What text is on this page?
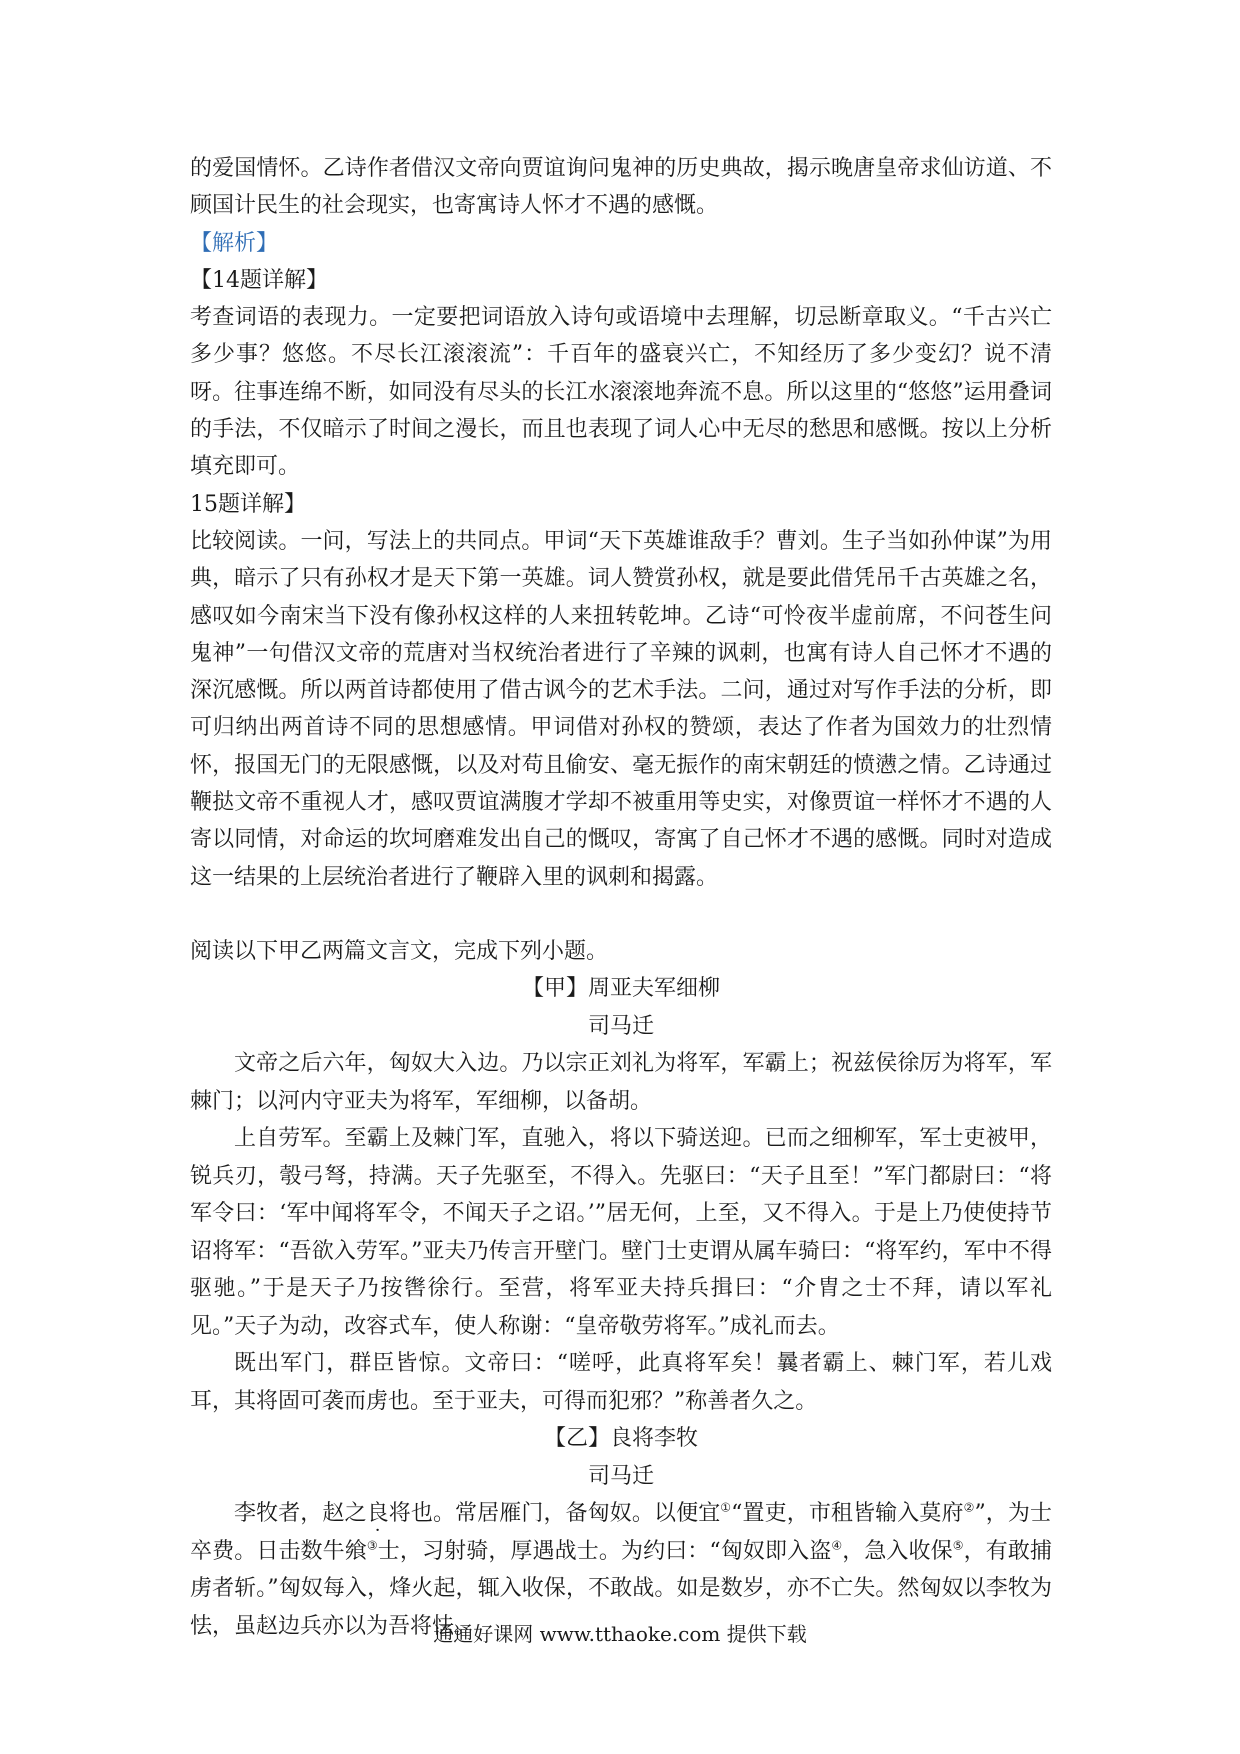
的爱国情怀。乙诗作者借汉文帝向贾谊询问鬼神的历史典故，揭示晚唐皇帝求仙访道、不顾国计民生的社会现实，也寄寓诗人怀才不遇的感慨。

【解析】

【14题详解】

考查词语的表现力。一定要把词语放入诗句或语境中去理解，切忌断章取义。“千古兴亡多少事？悠悠。不尽长江滚滚流”：千百年的盛衰兴亡，不知经历了多少变幻？说不清呀。往事连绵不断，如同没有尽头的长江水滚滚地奔流不息。所以这里的“悠悠”运用叠词的手法，不仅暗示了时间之漫长，而且也表现了词人心中无尽的愁思和感慨。按以上分析填充即可。

15题详解】

比较阅读。一问，写法上的共同点。甲词“天下英雄谁敌手？曹刘。生子当如孙仲谋”为用典，暗示了只有孙权才是天下第一英雄。词人赞赏孙权，就是要此借凭吊千古英雄之名，感叹如今南宋当下没有像孙权这样的人来扭转乾坤。乙诗“可怜夜半虚前席，不问苍生问鬼神”一句借汉文帝的荒唐对当权统治者进行了辛辣的讽刺，也寓有诗人自己怀才不遇的深沉感慨。所以两首诗都使用了借古讽今的艺术手法。二问，通过对写作手法的分析，即可归纳出两首诗不同的思想感情。甲词借对孙权的赞颂，表达了作者为国效力的壮烈情怀，报国无门的无限感慨，以及对苟且偷安、毫无振作的南宋朝廷的愤懑之情。乙诗通过鞭挞文帝不重视人才，感叹贾谊满腹才学却不被重用等史实，对像贾谊一样怀才不遇的人寄以同情，对命运的坎坷磨难发出自己的慨叹，寄寓了自己怀才不遇的感慨。同时对造成这一结果的上层统治者进行了鞭辟入里的讽刺和揭露。

阅读以下甲乙两篇文言文，完成下列小题。

【甲】周亚夫军细柳

司马迁

文帝之后六年，匈奴大入边。乃以宗正刘礼为将军，军霸上；祝兹侯徐厉为将军，军棘门；以河内守亚夫为将军，军细柳，以备胡。

上自劳军。至霸上及棘门军，直驰入，将以下骑送迎。已而之细柳军，军士吏被甲，锐兵刃，彀弓弩，持满。天子先驱至，不得入。先驱曰：“天子且至！”军门都尉曰：“将军令曰：‘军中闻将军令，不闻天子之诏。’”居无何，上至，又不得入。于是上乃使使持节诏将军：“吾欲入劳军。”亚夫乃传言开壁门。壁门士吏谓从属车骑曰：“将军约，军中不得驱驰。”于是天子乃按辔徐行。至营，将军亚夫持兵揖曰：“介胄之士不拜，请以军礼见。”天子为动，改容式车，使人称谢：“皇帝敬劳将军。”成礼而去。

既出军门，群臣皆惊。文帝曰：“嗟呼，此真将军矣！曩者霸上、棘门军，若儿戏耳，其将固可袭而虏也。至于亚夫，可得而犯邪？”称善者久之。

【乙】良将李牧

司马迁

李牧者，赵之良将也。常居雁门，备匈奴。以便宜①“置吏，市租皆输入莫府②”，为士卒费。日击数牛飨③士，习射骑，厚遇战士。为约曰：“匈奴即入盗④，急入收保⑤，有敢捕虏者斩。”匈奴每入，烽火起，辄入收保，不敢战。如是数岁，亦不亡失。然匈奴以李牧为怯，虽赵边兵亦以为吾将怯。

通通好课网 www.tthaoke.com 提供下载
